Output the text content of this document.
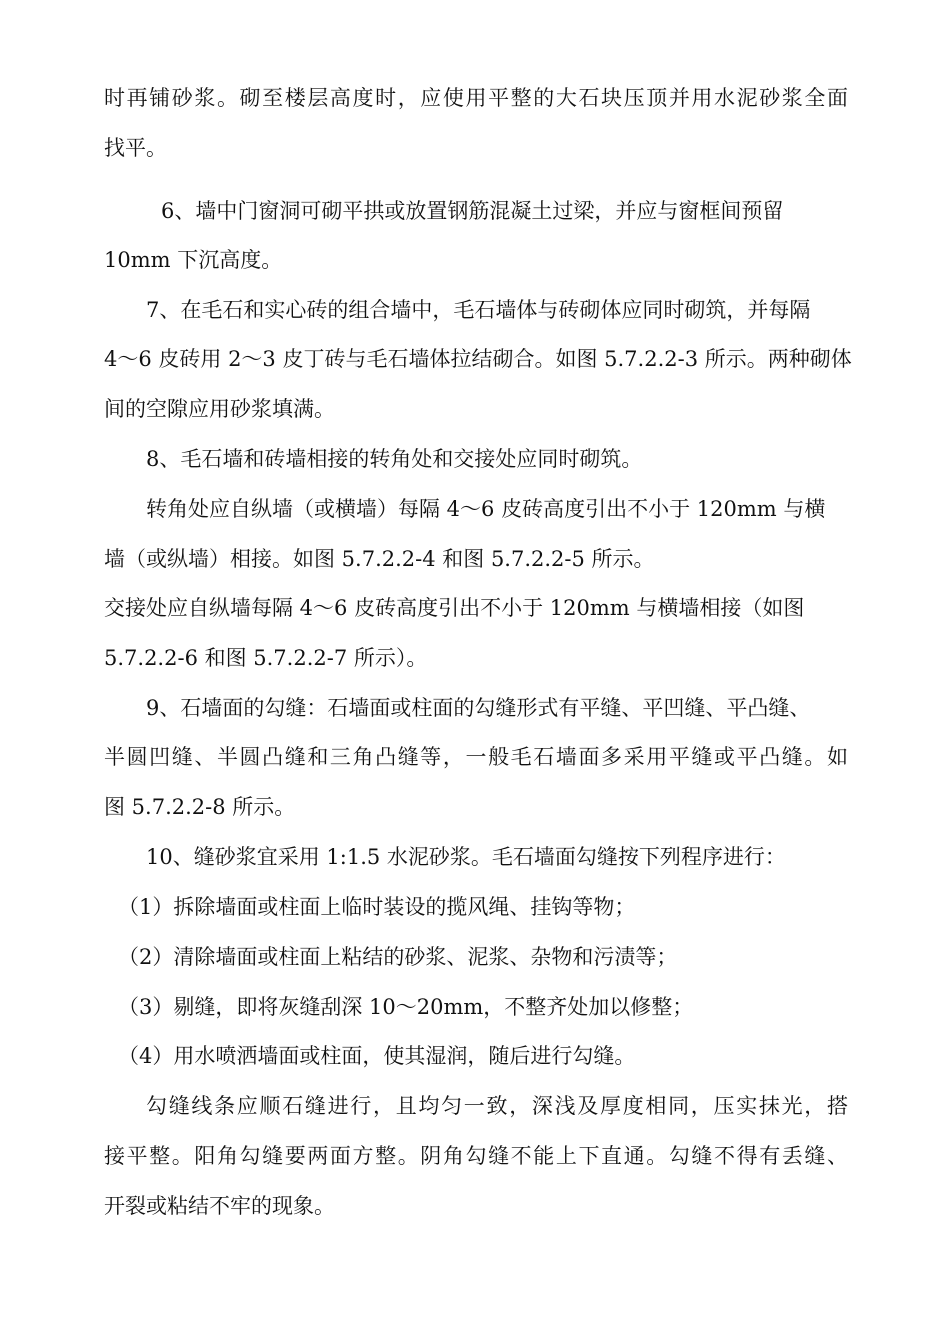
时再铺砂浆。砌至楼层高度时，应使用平整的大石块压顶并用水泥砂浆全面
找平。
6、墙中门窗洞可砌平拱或放置钢筋混凝土过梁，并应与窗框间预留
10mm 下沉高度。
7、在毛石和实心砖的组合墙中，毛石墙体与砖砌体应同时砌筑，并每隔
4～6 皮砖用 2～3 皮丁砖与毛石墙体拉结砌合。如图 5.7.2.2-3 所示。两种砌体
间的空隙应用砂浆填满。
8、毛石墙和砖墙相接的转角处和交接处应同时砌筑。
转角处应自纵墙（或横墙）每隔 4～6 皮砖高度引出不小于 120mm 与横
墙（或纵墙）相接。如图 5.7.2.2-4 和图 5.7.2.2-5 所示。
交接处应自纵墙每隔 4～6 皮砖高度引出不小于 120mm 与横墙相接（如图
5.7.2.2-6 和图 5.7.2.2-7 所示）。
9、石墙面的勾缝：石墙面或柱面的勾缝形式有平缝、平凹缝、平凸缝、
半圆凹缝、半圆凸缝和三角凸缝等，一般毛石墙面多采用平缝或平凸缝。如
图 5.7.2.2-8 所示。
10、缝砂浆宜采用 1:1.5 水泥砂浆。毛石墙面勾缝按下列程序进行：
（1）拆除墙面或柱面上临时装设的揽风绳、挂钩等物；
（2）清除墙面或柱面上粘结的砂浆、泥浆、杂物和污渍等；
（3）剔缝，即将灰缝刮深 10～20mm，不整齐处加以修整；
（4）用水喷洒墙面或柱面，使其湿润，随后进行勾缝。
勾缝线条应顺石缝进行，且均匀一致，深浅及厚度相同，压实抹光，搭
接平整。阳角勾缝要两面方整。阴角勾缝不能上下直通。勾缝不得有丢缝、
开裂或粘结不牢的现象。
